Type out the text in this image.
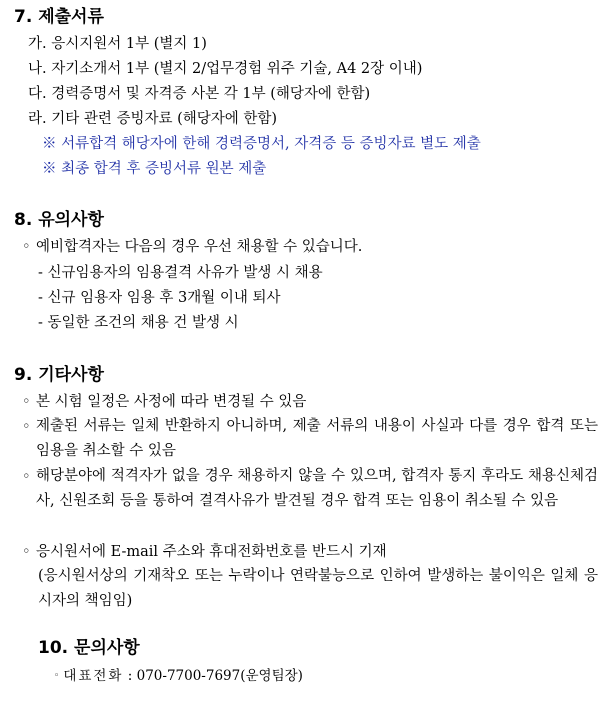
7. 제출서류
가. 응시지원서 1부 (별지 1)
나. 자기소개서 1부 (별지 2/업무경험 위주 기술, A4 2장 이내)
다. 경력증명서 및 자격증 사본 각 1부 (해당자에 한함)
라. 기타 관련 증빙자료 (해당자에 한함)
※ 서류합격 해당자에 한해 경력증명서, 자격증 등 증빙자료 별도 제출
※ 최종 합격 후 증빙서류 원본 제출
8. 유의사항
◦ 예비합격자는 다음의 경우 우선 채용할 수 있습니다.
- 신규임용자의 임용결격 사유가 발생 시 채용
- 신규 임용자 임용 후 3개월 이내 퇴사
- 동일한 조건의 채용 건 발생 시
9. 기타사항
◦ 본 시험 일정은 사정에 따라 변경될 수 있음
◦ 제출된 서류는 일체 반환하지 아니하며, 제출 서류의 내용이 사실과 다를 경우 합격 또는 임용을 취소할 수 있음
◦ 해당분야에 적격자가 없을 경우 채용하지 않을 수 있으며, 합격자 통지 후라도 채용신체검사, 신원조회 등을 통하여 결격사유가 발견될 경우 합격 또는 임용이 취소될 수 있음
◦ 응시원서에 E-mail 주소와 휴대전화번호를 반드시 기재
(응시원서상의 기재착오 또는 누락이나 연락불능으로 인하여 발생하는 불이익은 일체 응시자의 책임임)
10. 문의사항
◦ 대표전화 : 070-7700-7697(운영팀장)
